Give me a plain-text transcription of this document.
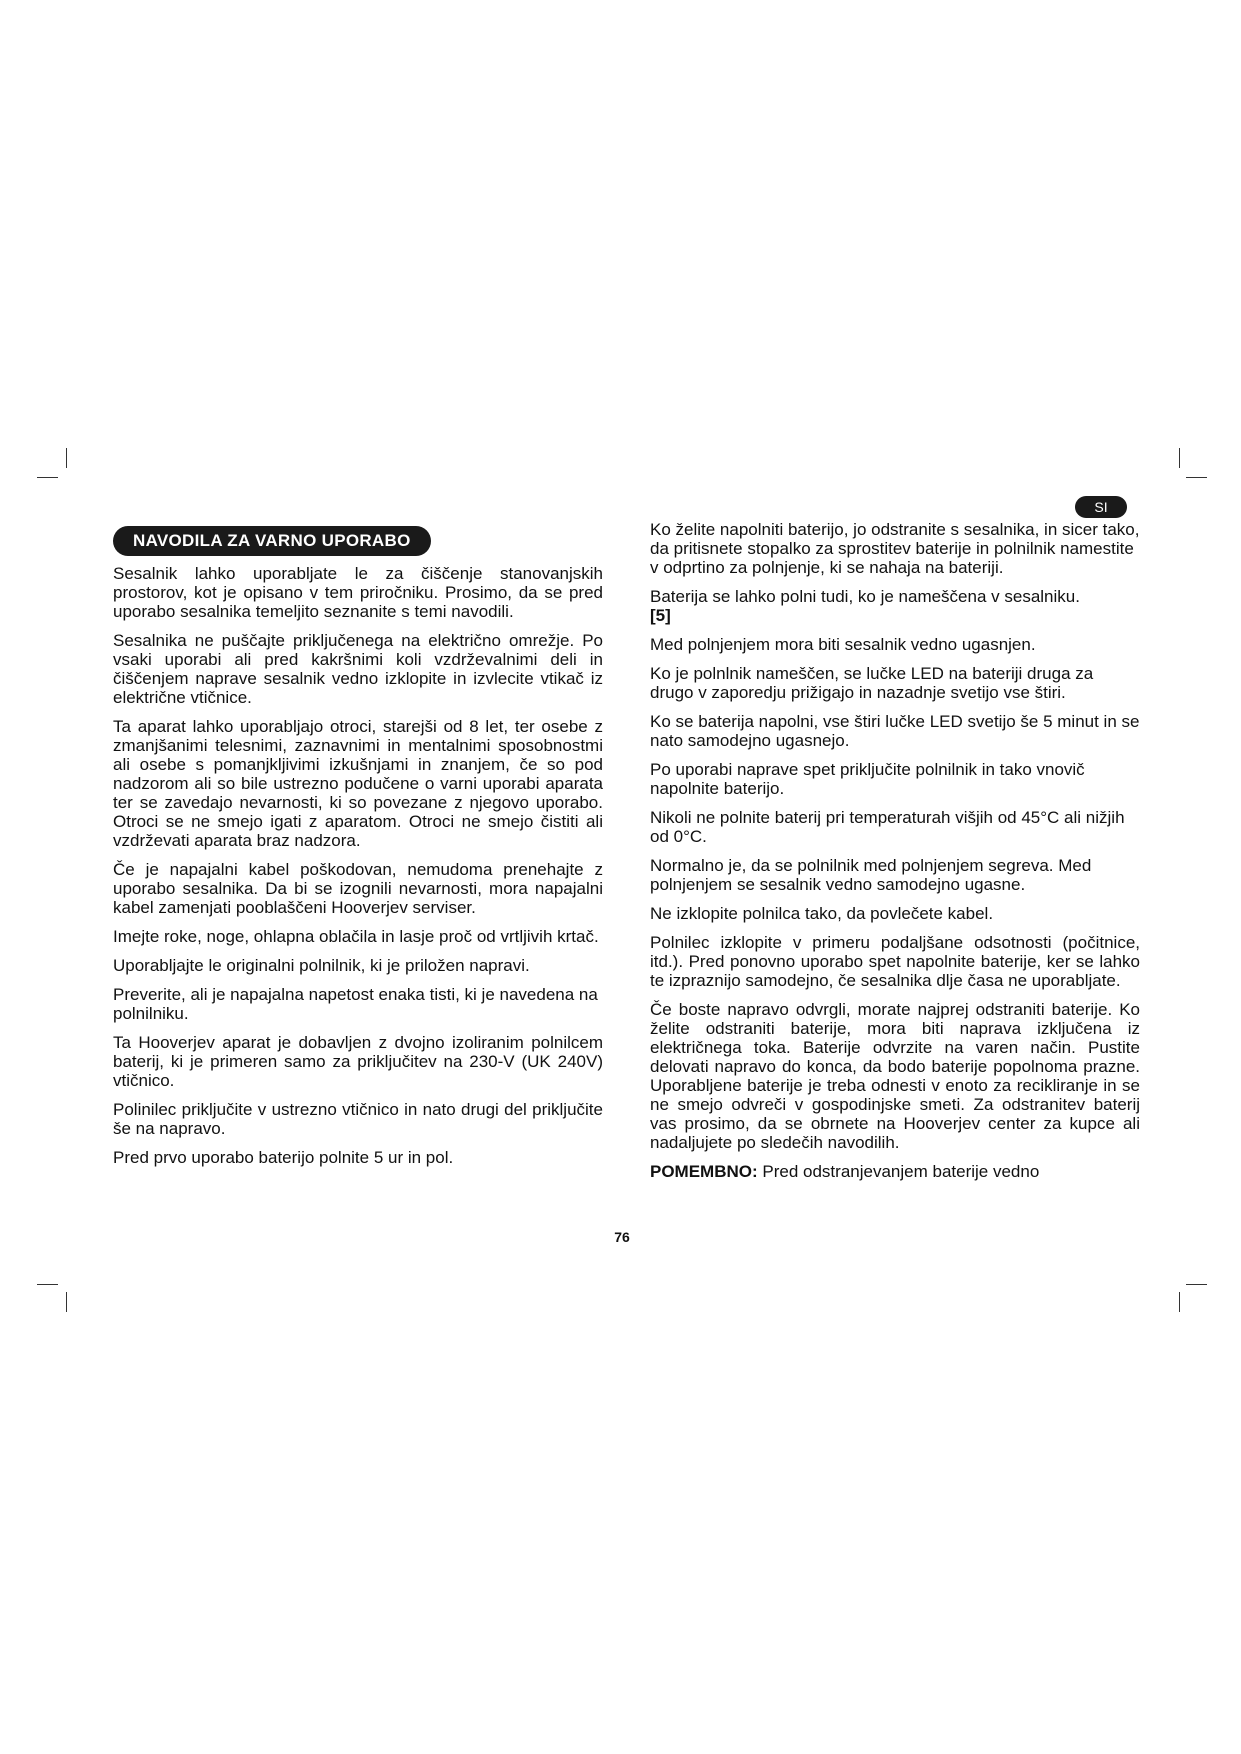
SI
NAVODILA ZA VARNO UPORABO

Sesalnik lahko uporabljate le za čiščenje stanovanjskih prostorov, kot je opisano v tem priročniku. Prosimo, da se pred uporabo sesalnika temeljito seznanite s temi navodili.

Sesalnika ne puščajte priključenega na električno omrežje. Po vsaki uporabi ali pred kakršnimi koli vzdrževalnimi deli in čiščenjem naprave sesalnik vedno izklopite in izvlecite vtikač iz električne vtičnice.

Ta aparat lahko uporabljajo otroci, starejši od 8 let, ter osebe z zmanjšanimi telesnimi, zaznavnimi in mentalnimi sposobnostmi ali osebe s pomanjkljivimi izkušnjami in znanjem, če so pod nadzorom ali so bile ustrezno podučene o varni uporabi aparata ter se zavedajo nevarnosti, ki so povezane z njegovo uporabo. Otroci se ne smejo igati z aparatom. Otroci ne smejo čistiti ali vzdrževati aparata braz nadzora.

Če je napajalni kabel poškodovan, nemudoma prenehajte z uporabo sesalnika. Da bi se izognili nevarnosti, mora napajalni kabel zamenjati pooblaščeni Hooverjev serviser.

Imejte roke, noge, ohlapna oblačila in lasje proč od vrtljivih krtač.

Uporabljajte le originalni polnilnik, ki je priložen napravi.

Preverite, ali je napajalna napetost enaka tisti, ki je navedena na polnilniku.

Ta Hooverjev aparat je dobavljen z dvojno izoliranim polnilcem baterij, ki je primeren samo za priključitev na 230-V (UK 240V) vtičnico.

Polinilec priključite v ustrezno vtičnico in nato drugi del priključite še na napravo.

Pred prvo uporabo baterijo polnite 5 ur in pol.

Ko želite napolniti baterijo, jo odstranite s sesalnika, in sicer tako, da pritisnete stopalko za sprostitev baterije in polnilnik namestite v odprtino za polnjenje, ki se nahaja na bateriji.

Baterija se lahko polni tudi, ko je nameščena v sesalniku.
[5]

Med polnjenjem mora biti sesalnik vedno ugasnjen.

Ko je polnlnik nameščen, se lučke LED na bateriji druga za drugo v zaporedju prižigajo in nazadnje svetijo vse štiri.

Ko se baterija napolni, vse štiri lučke LED svetijo še 5 minut in se nato samodejno ugasnejo.

Po uporabi naprave spet priključite polnilnik in tako vnovič napolnite baterijo.

Nikoli ne polnite baterij pri temperaturah višjih od 45°C ali nižjih od 0°C.

Normalno je, da se polnilnik med polnjenjem segreva. Med polnjenjem se sesalnik vedno samodejno ugasne.

Ne izklopite polnilca tako, da povlečete kabel.

Polnilec izklopite v primeru podaljšane odsotnosti (počitnice, itd.). Pred ponovno uporabo spet napolnite baterije, ker se lahko te izpraznijo samodejno, če sesalnika dlje časa ne uporabljate.

Če boste napravo odvrgli, morate najprej odstraniti baterije. Ko želite odstraniti baterije, mora biti naprava izključena iz električnega toka. Baterije odvrzite na varen način. Pustite delovati napravo do konca, da bodo baterije popolnoma prazne. Uporabljene baterije je treba odnesti v enoto za recikliranje in se ne smejo odvreči v gospodinjske smeti. Za odstranitev baterij vas prosimo, da se obrnete na Hooverjev center za kupce ali nadaljujete po sledečih navodilih.

POMEMBNO: Pred odstranjevanjem baterije vedno

76
